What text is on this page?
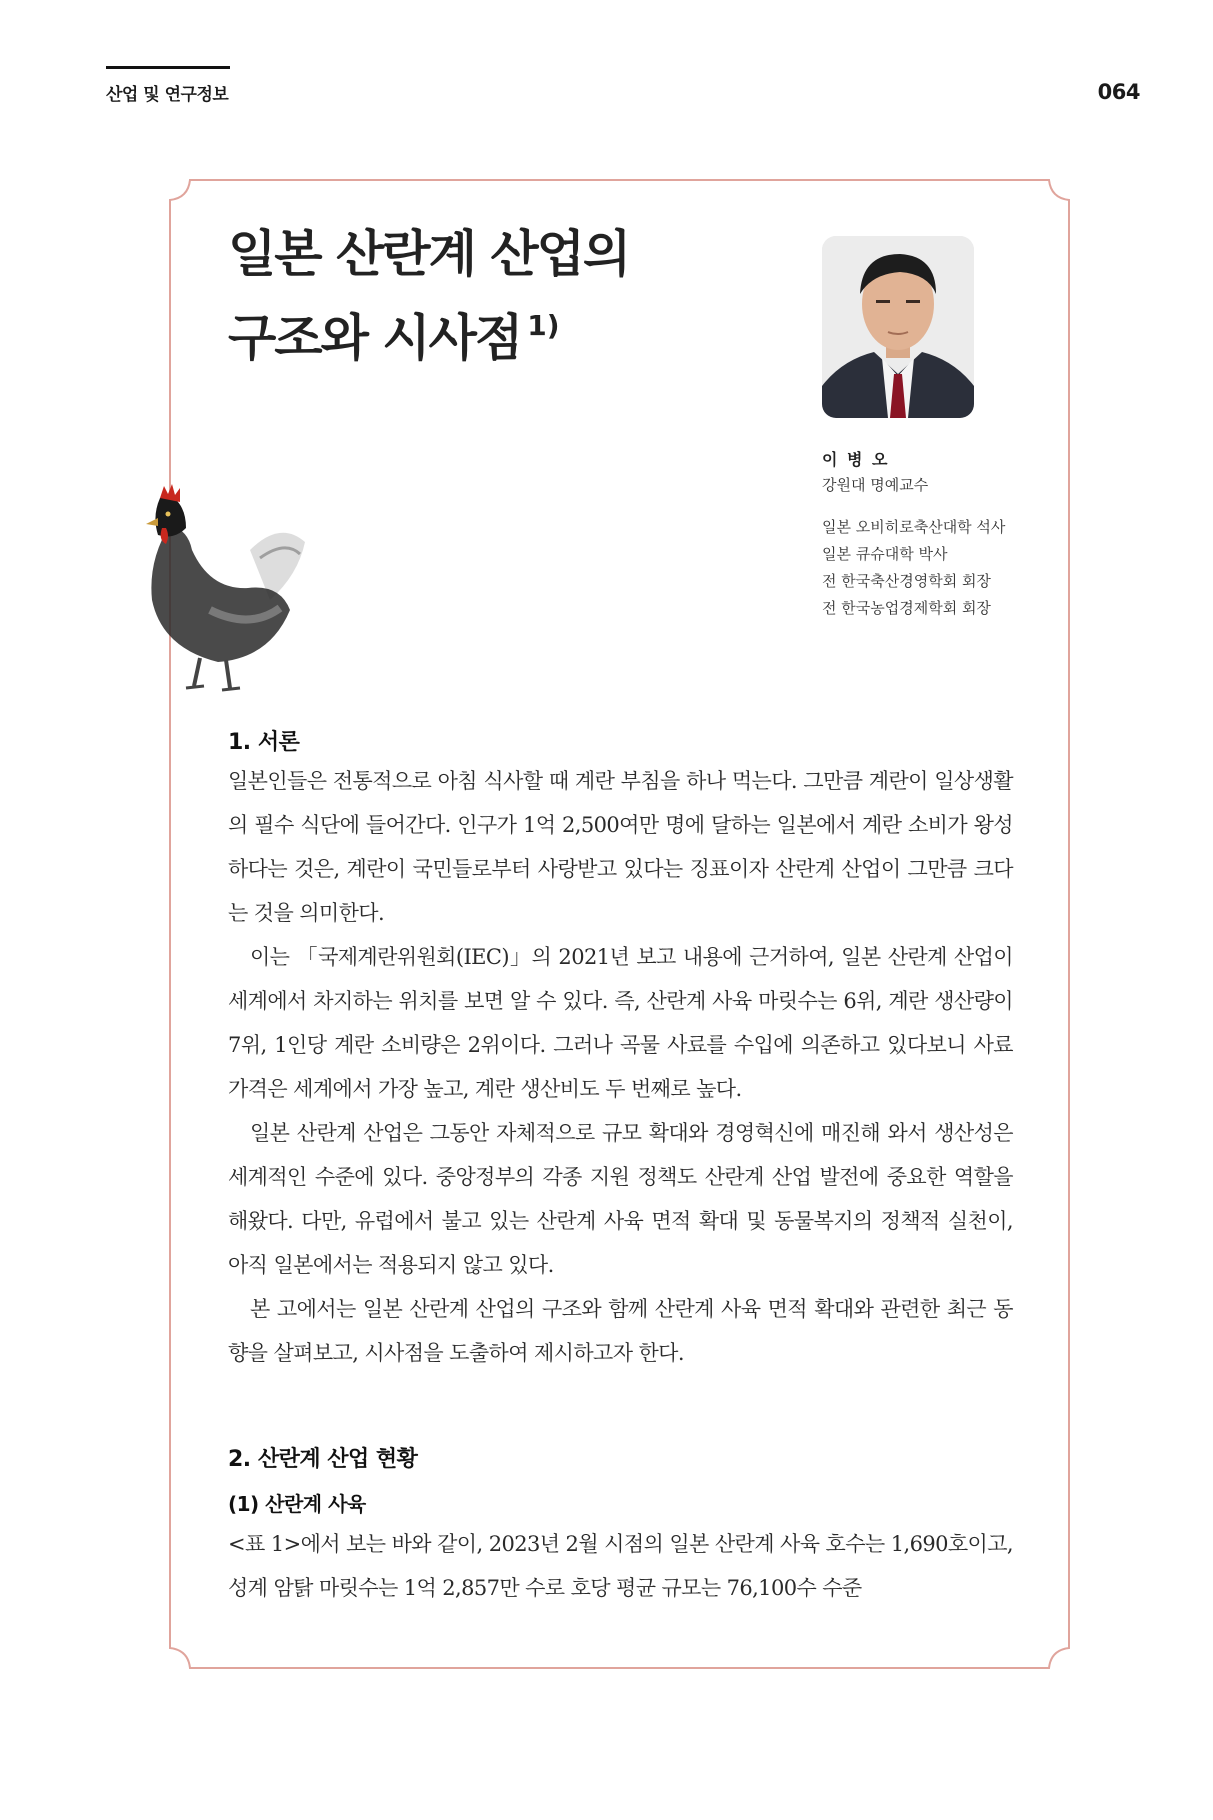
산업 및 연구정보	064
일본 산란계 산업의
구조와 시사점 $^{1)}$
이 병 오
강원대 명예교수
일본 오비히로축산대학 석사
일본 큐슈대학 박사
전 한국축산경영학회 회장
전 한국농업경제학회 회장
1. 서론

일본인들은 전통적으로 아침 식사할 때 계란 부침을 하나 먹는다. 그만큼 계란이 일상생활의 필수 식단에 들어간다. 인구가 1억 2,500여만 명에 달하는 일본에서 계란 소비가 왕성하다는 것은, 계란이 국민들로부터 사랑받고 있다는 징표이자 산란계 산업이 그만큼 크다는 것을 의미한다.

이는 「국제계란위원회(IEC)」의 2021년 보고 내용에 근거하여, 일본 산란계 산업이 세계에서 차지하는 위치를 보면 알 수 있다. 즉, 산란계 사육 마릿수는 6위, 계란 생산량이 7위, 1인당 계란 소비량은 2위이다. 그러나 곡물 사료를 수입에 의존하고 있다보니 사료 가격은 세계에서 가장 높고, 계란 생산비도 두 번째로 높다.

일본 산란계 산업은 그동안 자체적으로 규모 확대와 경영혁신에 매진해 와서 생산성은 세계적인 수준에 있다. 중앙정부의 각종 지원 정책도 산란계 산업 발전에 중요한 역할을 해왔다. 다만, 유럽에서 불고 있는 산란계 사육 면적 확대 및 동물복지의 정책적 실천이, 아직 일본에서는 적용되지 않고 있다.

본 고에서는 일본 산란계 산업의 구조와 함께 산란계 사육 면적 확대와 관련한 최근 동향을 살펴보고, 시사점을 도출하여 제시하고자 한다.

2. 산란계 산업 현황
(1) 산란계 사육

<표 1>에서 보는 바와 같이, 2023년 2월 시점의 일본 산란계 사육 호수는 1,690호이고, 성계 암탉 마릿수는 1억 2,857만 수로 호당 평균 규모는 76,100수 수준
